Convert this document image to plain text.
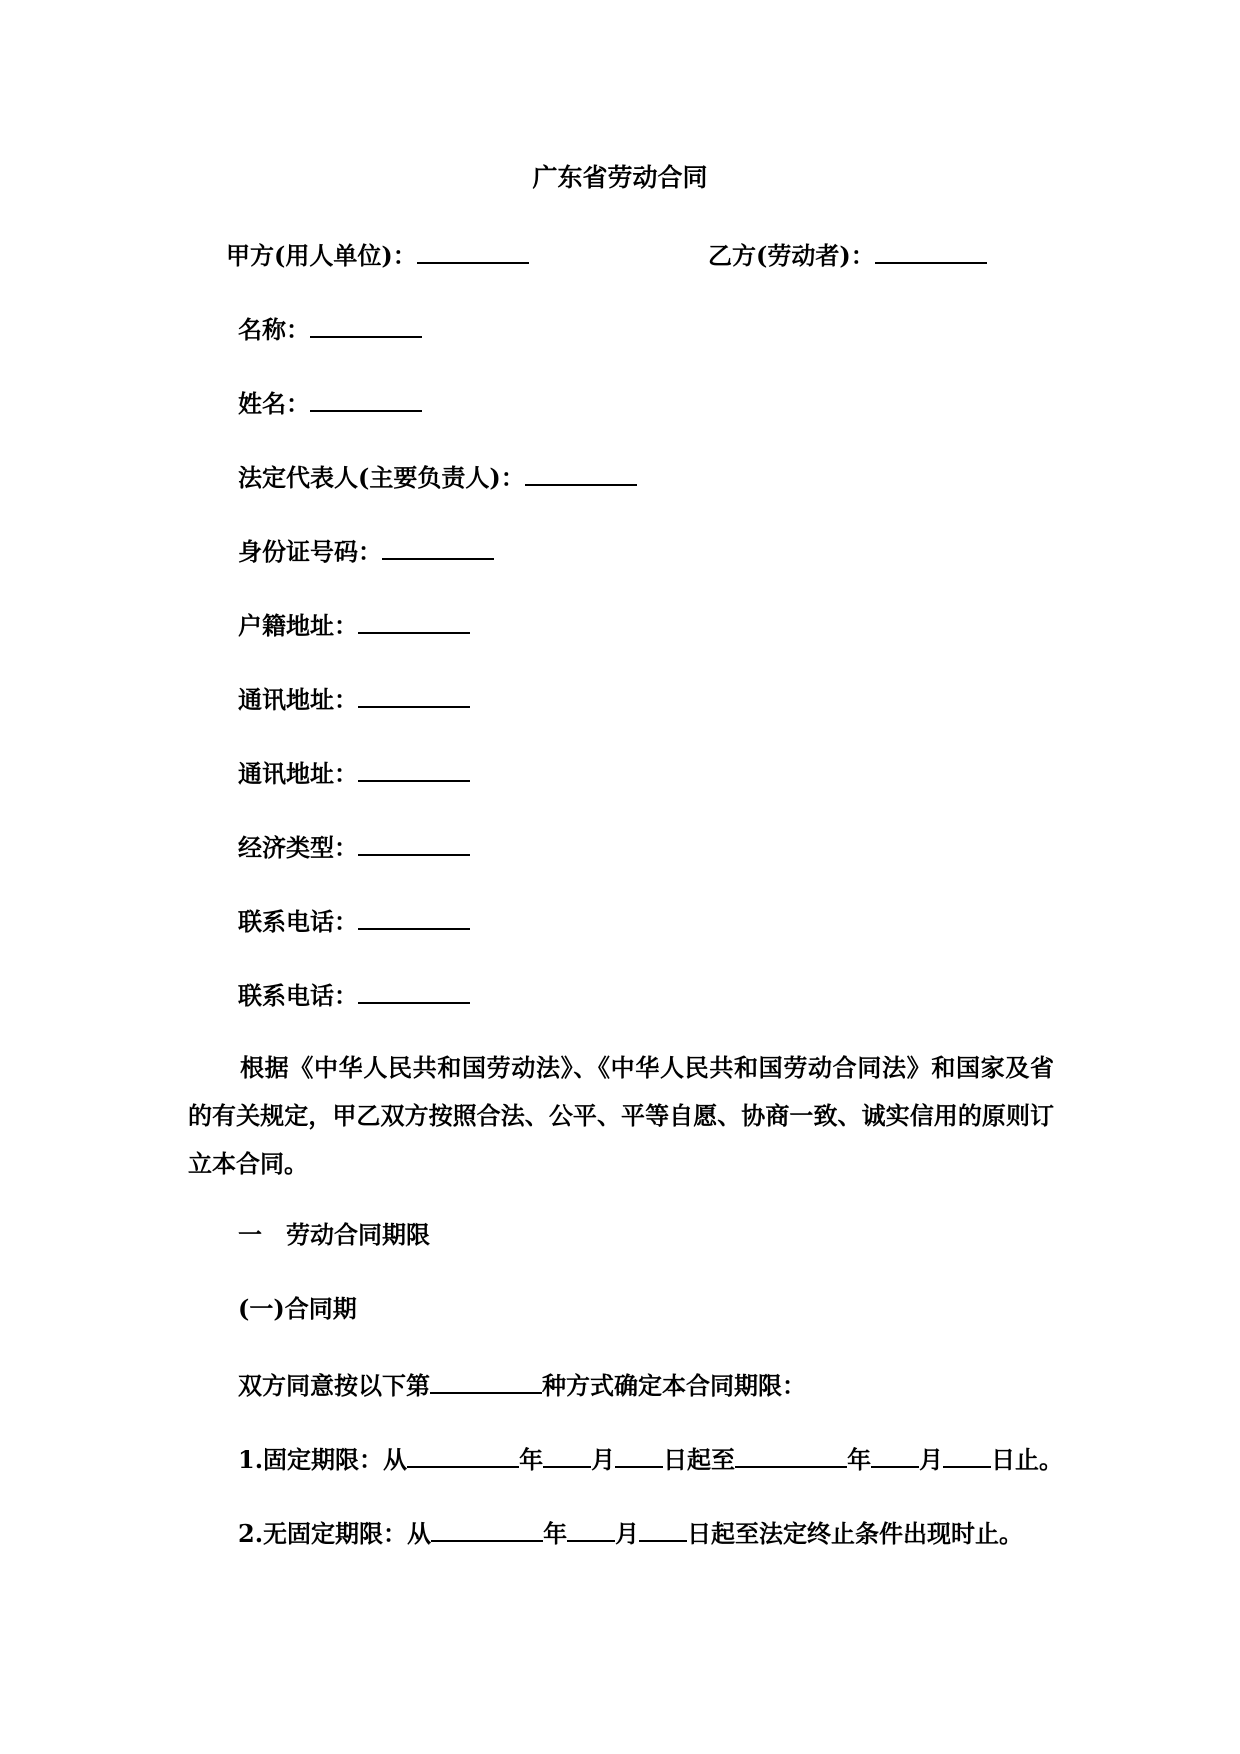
广东省劳动合同
甲方(用人单位)：	乙方(劳动者)：
名称：
姓名：
法定代表人(主要负责人)：
身份证号码：
户籍地址：
通讯地址：
通讯地址：
经济类型：
联系电话：
联系电话：
根据《中华人民共和国劳动法》、《中华人民共和国劳动合同法》和国家及省的有关规定，甲乙双方按照合法、公平、平等自愿、协商一致、诚实信用的原则订立本合同。
一　劳动合同期限
(一)合同期
双方同意按以下第	种方式确定本合同期限：
1.固定期限：从	年 月 日起至	年 月 日止。
2.无固定期限：从	年 月 日起至法定终止条件出现时止。
